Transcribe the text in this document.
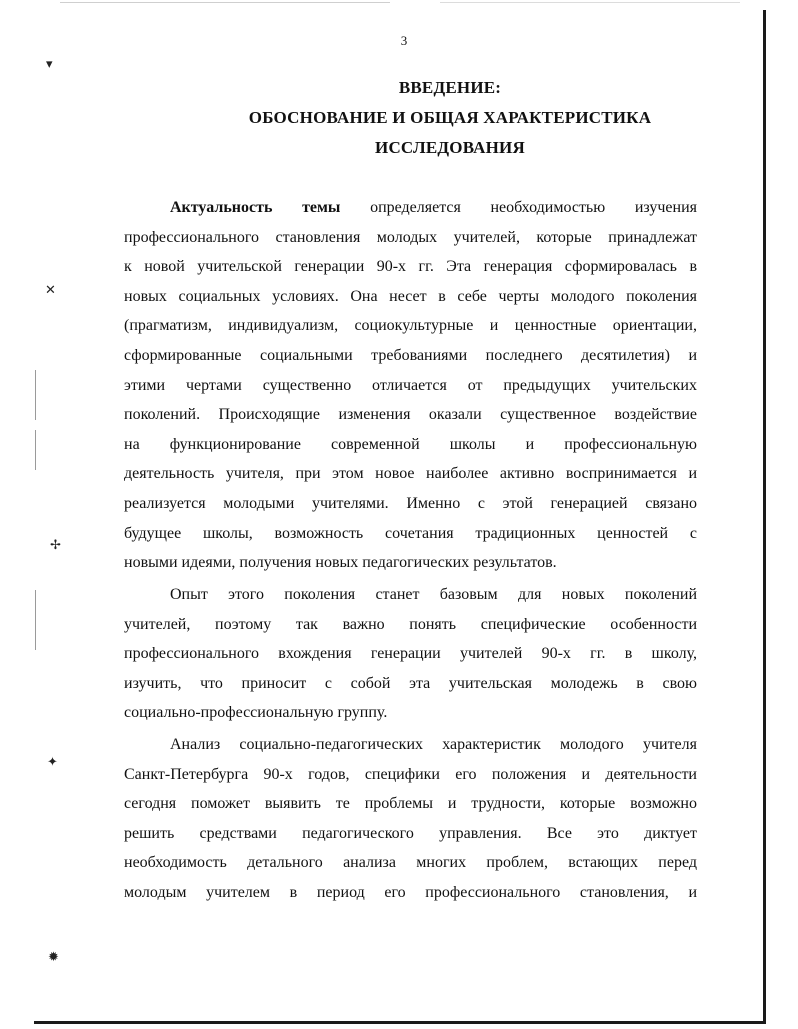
▾
✕
✢
✦
✹
3
ВВЕДЕНИЕ:
ОБОСНОВАНИЕ И ОБЩАЯ ХАРАКТЕРИСТИКА
ИССЛЕДОВАНИЯ
Актуальность темы определяется необходимостью изучения
профессионального становления молодых учителей, которые принадлежат
к новой учительской генерации 90-х гг. Эта генерация сформировалась в
новых социальных условиях. Она несет в себе черты молодого поколения
(прагматизм, индивидуализм, социокультурные и ценностные ориентации,
сформированные социальными требованиями последнего десятилетия) и
этими чертами существенно отличается от предыдущих учительских
поколений. Происходящие изменения оказали существенное воздействие
на функционирование современной школы и профессиональную
деятельность учителя, при этом новое наиболее активно воспринимается и
реализуется молодыми учителями. Именно с этой генерацией связано
будущее школы, возможность сочетания традиционных ценностей с
новыми идеями, получения новых педагогических результатов.
Опыт этого поколения станет базовым для новых поколений
учителей, поэтому так важно понять специфические особенности
профессионального вхождения генерации учителей 90-х гг. в школу,
изучить, что приносит с собой эта учительская молодежь в свою
социально-профессиональную группу.
Анализ социально-педагогических характеристик молодого учителя
Санкт-Петербурга 90-х годов, специфики его положения и деятельности
сегодня поможет выявить те проблемы и трудности, которые возможно
решить средствами педагогического управления. Все это диктует
необходимость детального анализа многих проблем, встающих перед
молодым учителем в период его профессионального становления, и
